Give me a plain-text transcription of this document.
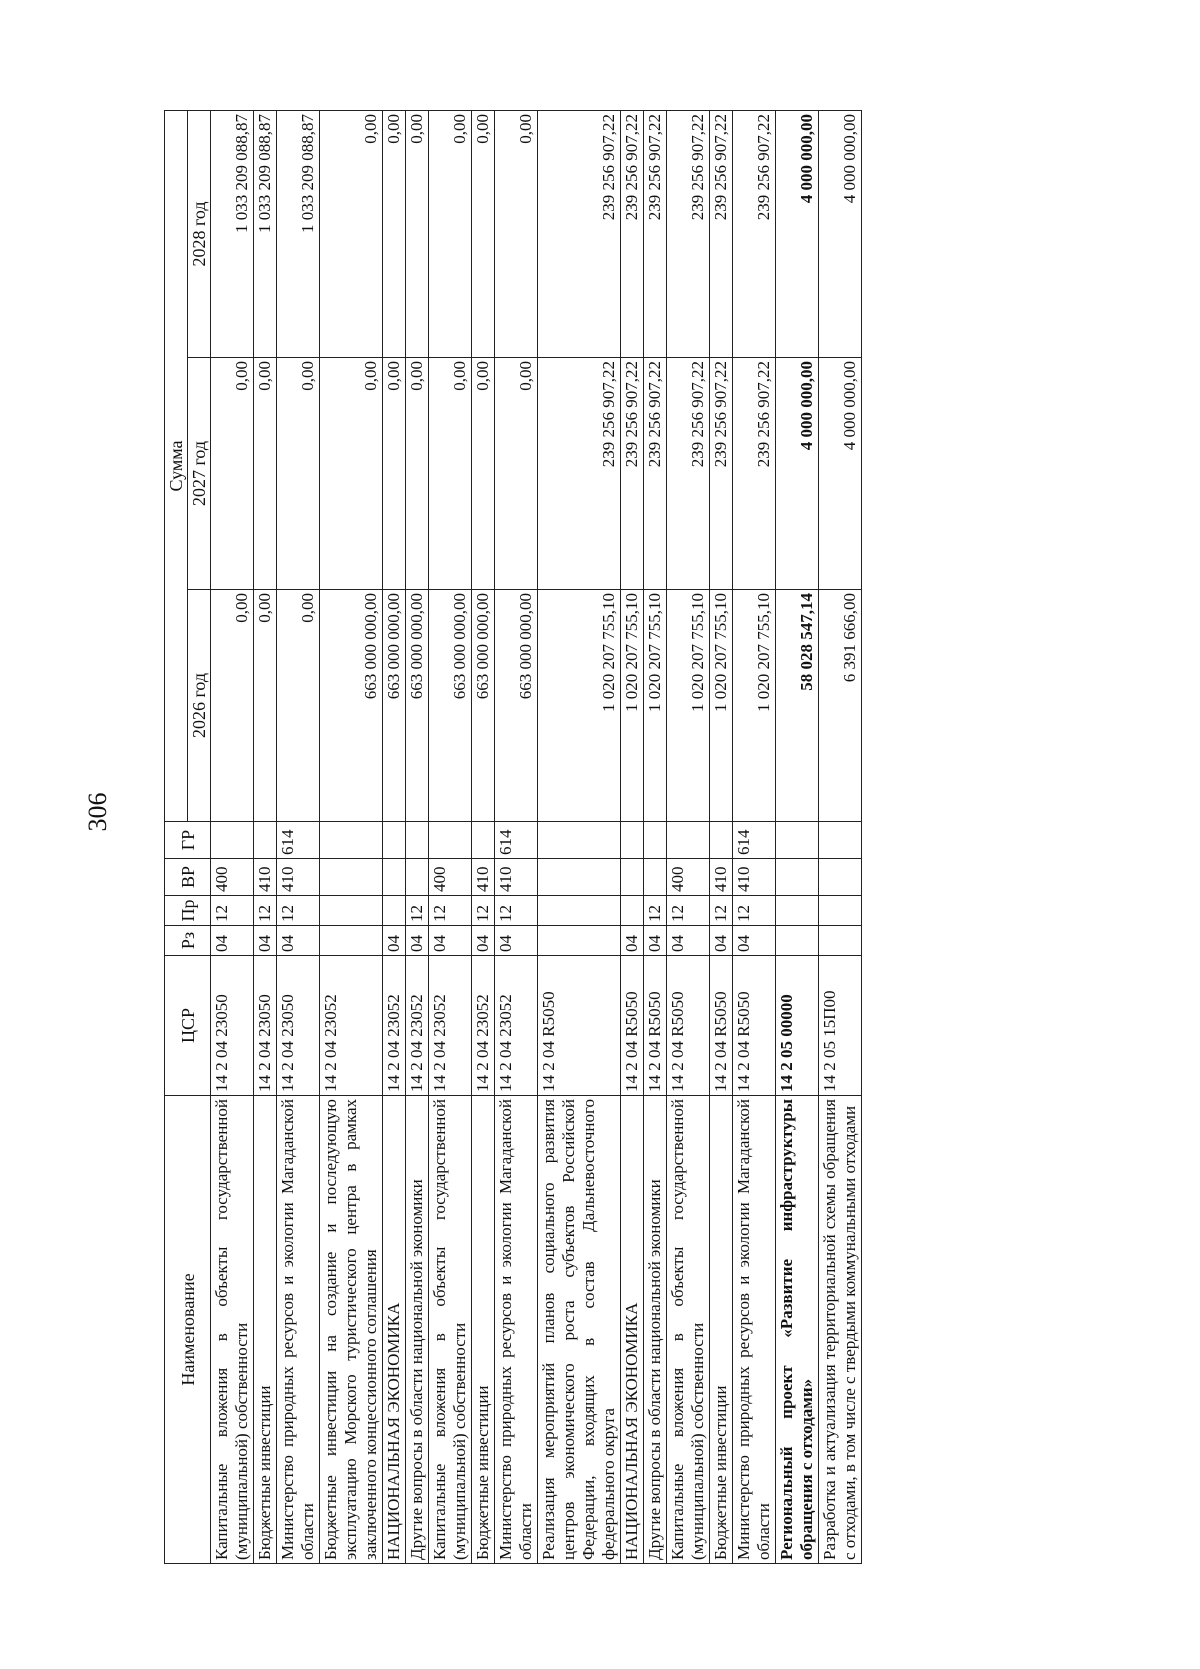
306
Наименование	ЦСР	Рз	Пр	ВР	ГР	Сумма		
						2026 год	2027 год	2028 год
Капитальные вложения в объекты государственной (муниципальной) собственности	14 2 04 23050	04	12	400		0,00	0,00	1 033 209 088,87
Бюджетные инвестиции	14 2 04 23050	04	12	410		0,00	0,00	1 033 209 088,87
Министерство природных ресурсов и экологии Магаданской области	14 2 04 23050	04	12	410	614	0,00	0,00	1 033 209 088,87
Бюджетные инвестиции на создание и последующую эксплуатацию Морского туристического центра в рамках заключенного концессионного соглашения	14 2 04 23052					663 000 000,00	0,00	0,00
НАЦИОНАЛЬНАЯ ЭКОНОМИКА	14 2 04 23052	04				663 000 000,00	0,00	0,00
Другие вопросы в области национальной экономики	14 2 04 23052	04	12			663 000 000,00	0,00	0,00
Капитальные вложения в объекты государственной (муниципальной) собственности	14 2 04 23052	04	12	400		663 000 000,00	0,00	0,00
Бюджетные инвестиции	14 2 04 23052	04	12	410		663 000 000,00	0,00	0,00
Министерство природных ресурсов и экологии Магаданской области	14 2 04 23052	04	12	410	614	663 000 000,00	0,00	0,00
Реализация мероприятий планов социального развития центров экономического роста субъектов Российской Федерации, входящих в состав Дальневосточного федерального округа	14 2 04 R5050					1 020 207 755,10	239 256 907,22	239 256 907,22
НАЦИОНАЛЬНАЯ ЭКОНОМИКА	14 2 04 R5050	04				1 020 207 755,10	239 256 907,22	239 256 907,22
Другие вопросы в области национальной экономики	14 2 04 R5050	04	12			1 020 207 755,10	239 256 907,22	239 256 907,22
Капитальные вложения в объекты государственной (муниципальной) собственности	14 2 04 R5050	04	12	400		1 020 207 755,10	239 256 907,22	239 256 907,22
Бюджетные инвестиции	14 2 04 R5050	04	12	410		1 020 207 755,10	239 256 907,22	239 256 907,22
Министерство природных ресурсов и экологии Магаданской области	14 2 04 R5050	04	12	410	614	1 020 207 755,10	239 256 907,22	239 256 907,22
Региональный проект «Развитие инфраструктуры обращения с отходами»	14 2 05 00000					58 028 547,14	4 000 000,00	4 000 000,00
Разработка и актуализация территориальной схемы обращения с отходами, в том числе с твердыми коммунальными отходами	14 2 05 15П00					6 391 666,00	4 000 000,00	4 000 000,00
